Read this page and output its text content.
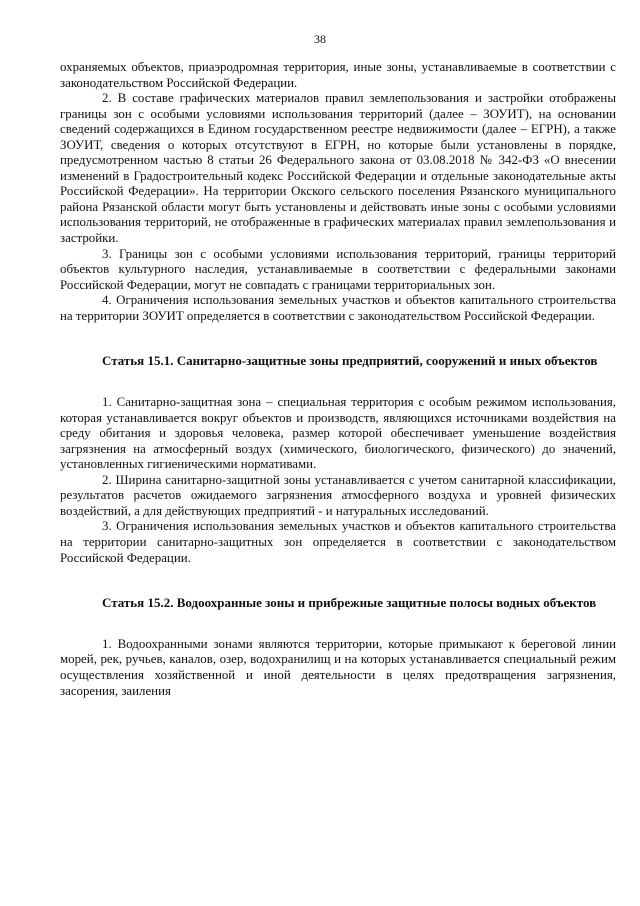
38

охраняемых объектов, приаэродромная территория, иные зоны, устанавливаемые в соответствии с законодательством Российской Федерации.

2. В составе графических материалов правил землепользования и застройки отображены границы зон с особыми условиями использования территорий (далее – ЗОУИТ), на основании сведений содержащихся в Едином государственном реестре недвижимости (далее – ЕГРН), а также ЗОУИТ, сведения о которых отсутствуют в ЕГРН, но которые были установлены в порядке, предусмотренном частью 8 статьи 26 Федерального закона от 03.08.2018 № 342-ФЗ «О внесении изменений в Градостроительный кодекс Российской Федерации и отдельные законодательные акты Российской Федерации». На территории Окского сельского поселения Рязанского муниципального района Рязанской области могут быть установлены и действовать иные зоны с особыми условиями использования территорий, не отображенные в графических материалах правил землепользования и застройки.

3. Границы зон с особыми условиями использования территорий, границы территорий объектов культурного наследия, устанавливаемые в соответствии с федеральными законами Российской Федерации, могут не совпадать с границами территориальных зон.

4. Ограничения использования земельных участков и объектов капитального строительства на территории ЗОУИТ определяется в соответствии с законодательством Российской Федерации.

Статья 15.1. Санитарно-защитные зоны предприятий, сооружений и иных объектов

1. Санитарно-защитная зона – специальная территория с особым режимом использования, которая устанавливается вокруг объектов и производств, являющихся источниками воздействия на среду обитания и здоровья человека, размер которой обеспечивает уменьшение воздействия загрязнения на атмосферный воздух (химического, биологического, физического) до значений, установленных гигиеническими нормативами.

2. Ширина санитарно-защитной зоны устанавливается с учетом санитарной классификации, результатов расчетов ожидаемого загрязнения атмосферного воздуха и уровней физических воздействий, а для действующих предприятий - и натуральных исследований.

3. Ограничения использования земельных участков и объектов капитального строительства на территории санитарно-защитных зон определяется в соответствии с законодательством Российской Федерации.

Статья 15.2. Водоохранные зоны и прибрежные защитные полосы водных объектов

1. Водоохранными зонами являются территории, которые примыкают к береговой линии морей, рек, ручьев, каналов, озер, водохранилищ и на которых устанавливается специальный режим осуществления хозяйственной и иной деятельности в целях предотвращения загрязнения, засорения, заиления
